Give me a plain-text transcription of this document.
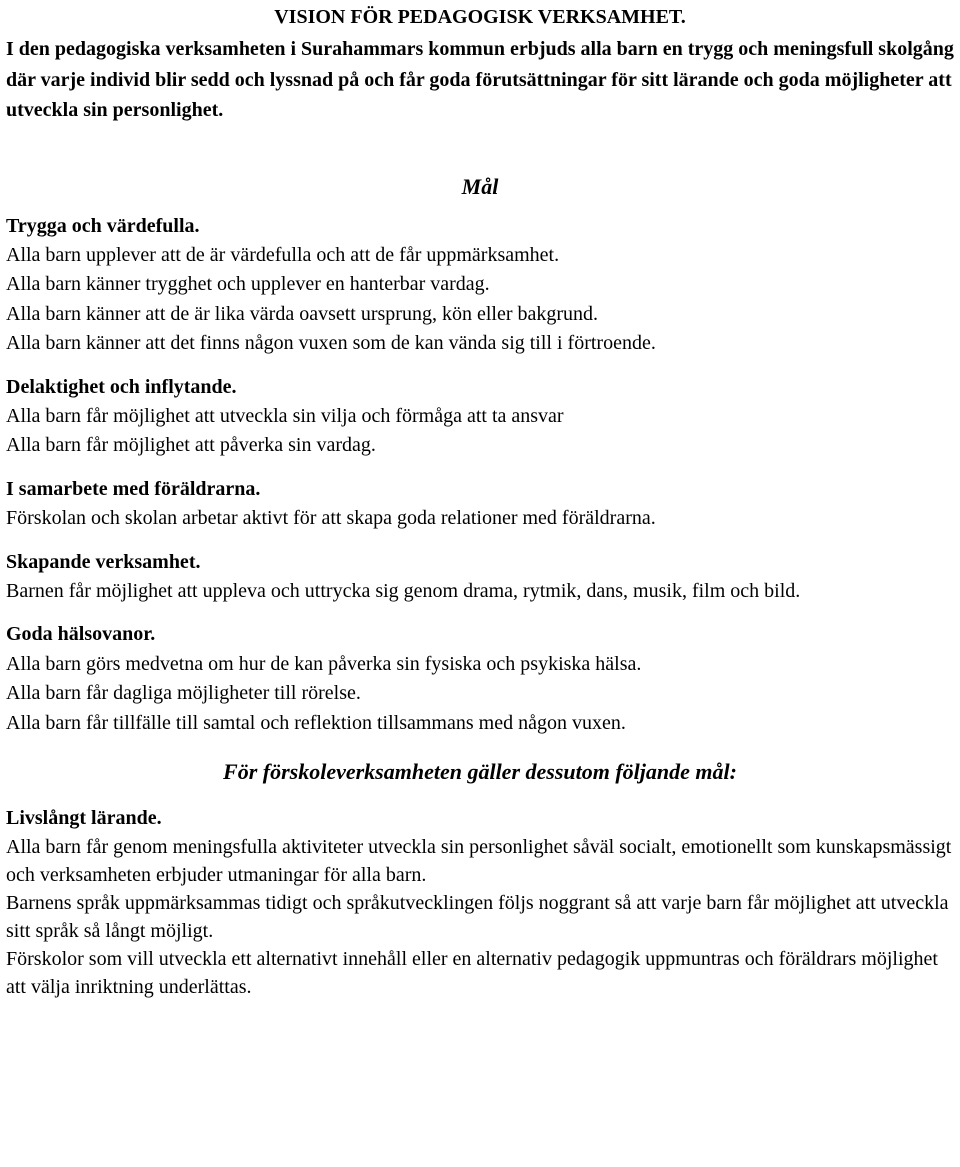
VISION FÖR PEDAGOGISK VERKSAMHET.

I den pedagogiska verksamheten i Surahammars kommun erbjuds alla barn en trygg och meningsfull skolgång där varje individ blir sedd och lyssnad på och får goda förutsättningar för sitt lärande och goda möjligheter att utveckla sin personlighet.

Mål

Trygga och värdefulla.

Alla barn upplever att de är värdefulla och att de får uppmärksamhet.

Alla barn känner trygghet och upplever en hanterbar vardag.

Alla barn känner att de är lika värda oavsett ursprung, kön eller bakgrund.

Alla barn känner att det finns någon vuxen som de kan vända sig till i förtroende.

Delaktighet och inflytande.

Alla barn får möjlighet att utveckla sin vilja och förmåga att ta ansvar

Alla barn får möjlighet att påverka sin vardag.

I samarbete med föräldrarna.

Förskolan och skolan arbetar aktivt för att skapa goda relationer med föräldrarna.

Skapande verksamhet.

Barnen får möjlighet att uppleva och uttrycka sig genom drama, rytmik, dans, musik, film och bild.

Goda hälsovanor.

Alla barn görs medvetna om hur de kan påverka sin fysiska och psykiska hälsa.

Alla barn får dagliga möjligheter till rörelse.

Alla barn får tillfälle till samtal och reflektion tillsammans med någon vuxen.

För förskoleverksamheten gäller dessutom följande mål:

Livslångt lärande.

Alla barn får genom meningsfulla aktiviteter utveckla sin personlighet såväl socialt, emotionellt som kunskapsmässigt och verksamheten erbjuder utmaningar för alla barn.

Barnens språk uppmärksammas tidigt och språkutvecklingen följs noggrant så att varje barn får möjlighet att utveckla sitt språk så långt möjligt.

Förskolor som vill utveckla ett alternativt innehåll eller en alternativ pedagogik uppmuntras och föräldrars möjlighet att välja inriktning underlättas.
